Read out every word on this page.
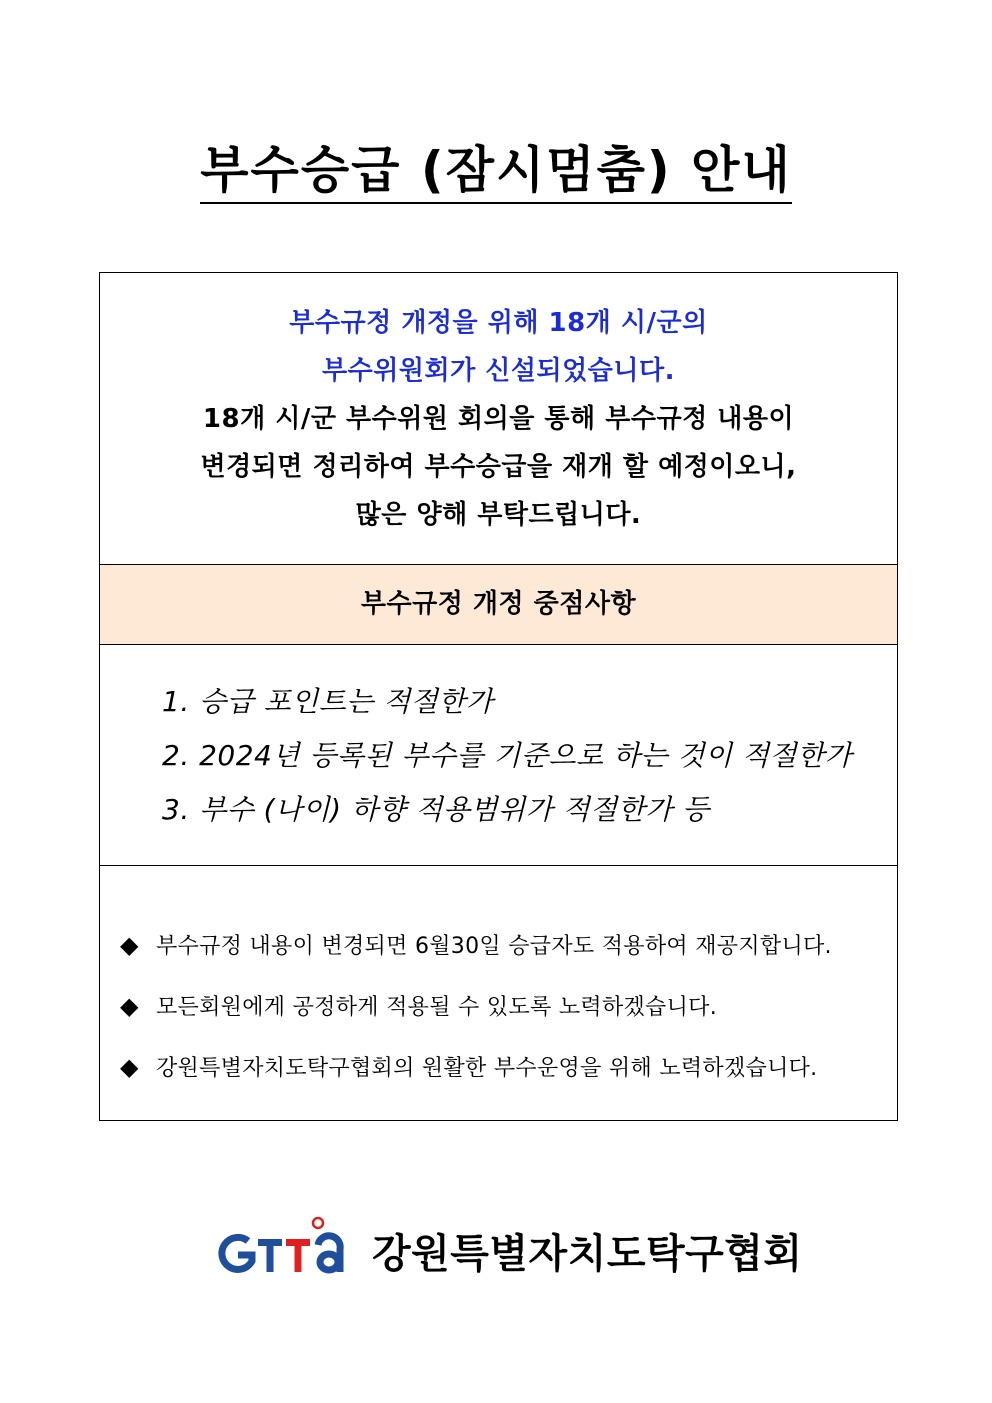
부수승급 (잠시멈춤) 안내

부수규정 개정을 위해 18개 시/군의

부수위원회가 신설되었습니다.

18개 시/군 부수위원 회의을 통해 부수규정 내용이

변경되면 정리하여 부수승급을 재개 할 예정이오니,

많은 양해 부탁드립니다.

부수규정 개정 중점사항

1. 승급 포인트는 적절한가

2. 2024년 등록된 부수를 기준으로 하는 것이 적절한가

3. 부수 (나이) 하향 적용범위가 적절한가 등

◆ 부수규정 내용이 변경되면 6월30일 승급자도 적용하여 재공지합니다.
◆ 모든회원에게 공정하게 적용될 수 있도록 노력하겠습니다.
◆ 강원특별자치도탁구협회의 원활한 부수운영을 위해 노력하겠습니다.
강원특별자치도탁구협회
